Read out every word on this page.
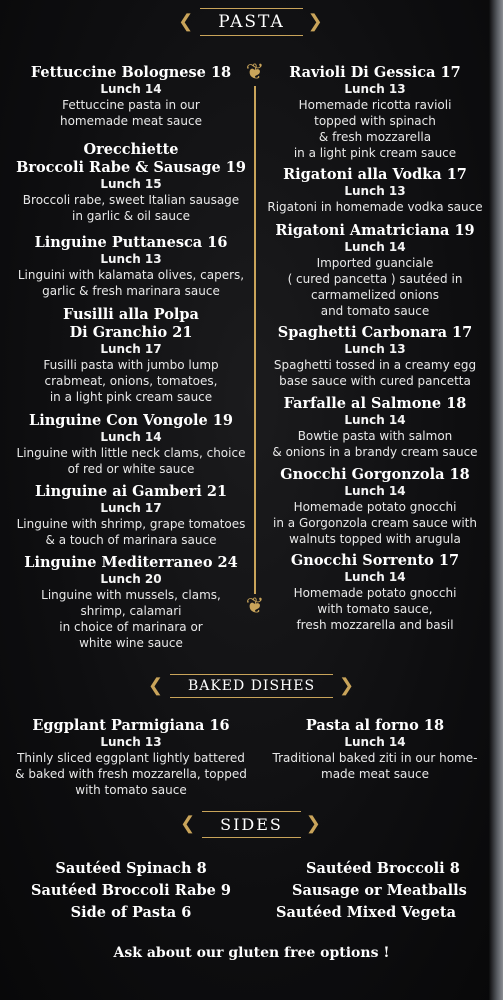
❮ PASTA ❯
❦
❦
Fettuccine Bolognese 18
Lunch 14
Fettuccine pasta in our
homemade meat sauce
Orecchiette
Broccoli Rabe & Sausage 19
Lunch 15
Broccoli rabe, sweet Italian sausage
in garlic & oil sauce
Linguine Puttanesca 16
Lunch 13
Linguini with kalamata olives, capers,
garlic & fresh marinara sauce
Fusilli alla Polpa
Di Granchio 21
Lunch 17
Fusilli pasta with jumbo lump
crabmeat, onions, tomatoes,
in a light pink cream sauce
Linguine Con Vongole 19
Lunch 14
Linguine with little neck clams, choice
of red or white sauce
Linguine ai Gamberi 21
Lunch 17
Linguine with shrimp, grape tomatoes
& a touch of marinara sauce
Linguine Mediterraneo 24
Lunch 20
Linguine with mussels, clams,
shrimp, calamari
in choice of marinara or
white wine sauce
Ravioli Di Gessica 17
Lunch 13
Homemade ricotta ravioli
topped with spinach
& fresh mozzarella
in a light pink cream sauce
Rigatoni alla Vodka 17
Lunch 13
Rigatoni in homemade vodka sauce
Rigatoni Amatriciana 19
Lunch 14
Imported guanciale
( cured pancetta ) sautéed in
carmamelized onions
and tomato sauce
Spaghetti Carbonara 17
Lunch 13
Spaghetti tossed in a creamy egg
base sauce with cured pancetta
Farfalle al Salmone 18
Lunch 14
Bowtie pasta with salmon
& onions in a brandy cream sauce
Gnocchi Gorgonzola 18
Lunch 14
Homemade potato gnocchi
in a Gorgonzola cream sauce with
walnuts topped with arugula
Gnocchi Sorrento 17
Lunch 14
Homemade potato gnocchi
with tomato sauce,
fresh mozzarella and basil
❮ BAKED DISHES ❯
Eggplant Parmigiana 16
Lunch 13
Thinly sliced eggplant lightly battered
& baked with fresh mozzarella, topped
with tomato sauce
Pasta al forno 18
Lunch 14
Traditional baked ziti in our home-
made meat sauce
❮ SIDES ❯
Sautéed Spinach 8
Sautéed Broccoli Rabe 9
Side of Pasta 6
Sautéed Broccoli 8
Sausage or Meatballs
Sautéed Mixed Vegeta
Ask about our gluten free options !
